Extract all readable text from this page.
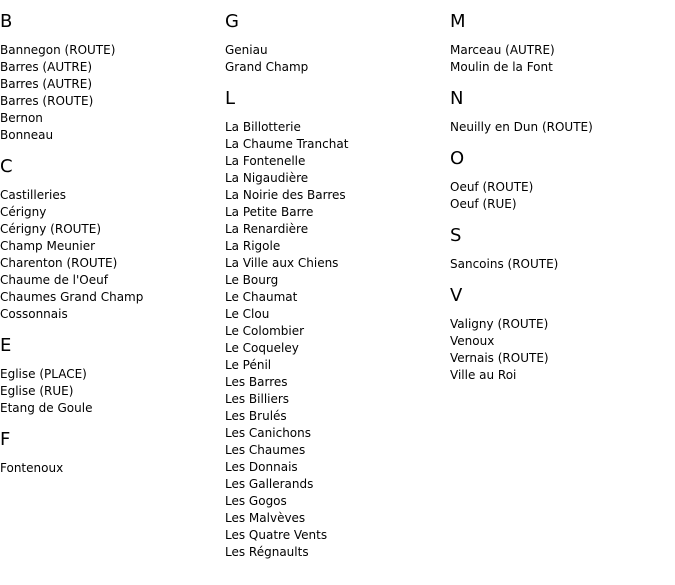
B
Bannegon (ROUTE)
Barres (AUTRE)
Barres (AUTRE)
Barres (ROUTE)
Bernon
Bonneau
C
Castilleries
Cérigny
Cérigny (ROUTE)
Champ Meunier
Charenton (ROUTE)
Chaume de l'Oeuf
Chaumes Grand Champ
Cossonnais
E
Eglise (PLACE)
Eglise (RUE)
Etang de Goule
F
Fontenoux
G
Geniau
Grand Champ
L
La Billotterie
La Chaume Tranchat
La Fontenelle
La Nigaudière
La Noirie des Barres
La Petite Barre
La Renardière
La Rigole
La Ville aux Chiens
Le Bourg
Le Chaumat
Le Clou
Le Colombier
Le Coqueley
Le Pénil
Les Barres
Les Billiers
Les Brulés
Les Canichons
Les Chaumes
Les Donnais
Les Gallerands
Les Gogos
Les Malvèves
Les Quatre Vents
Les Régnaults
M
Marceau (AUTRE)
Moulin de la Font
N
Neuilly en Dun (ROUTE)
O
Oeuf (ROUTE)
Oeuf (RUE)
S
Sancoins (ROUTE)
V
Valigny (ROUTE)
Venoux
Vernais (ROUTE)
Ville au Roi
